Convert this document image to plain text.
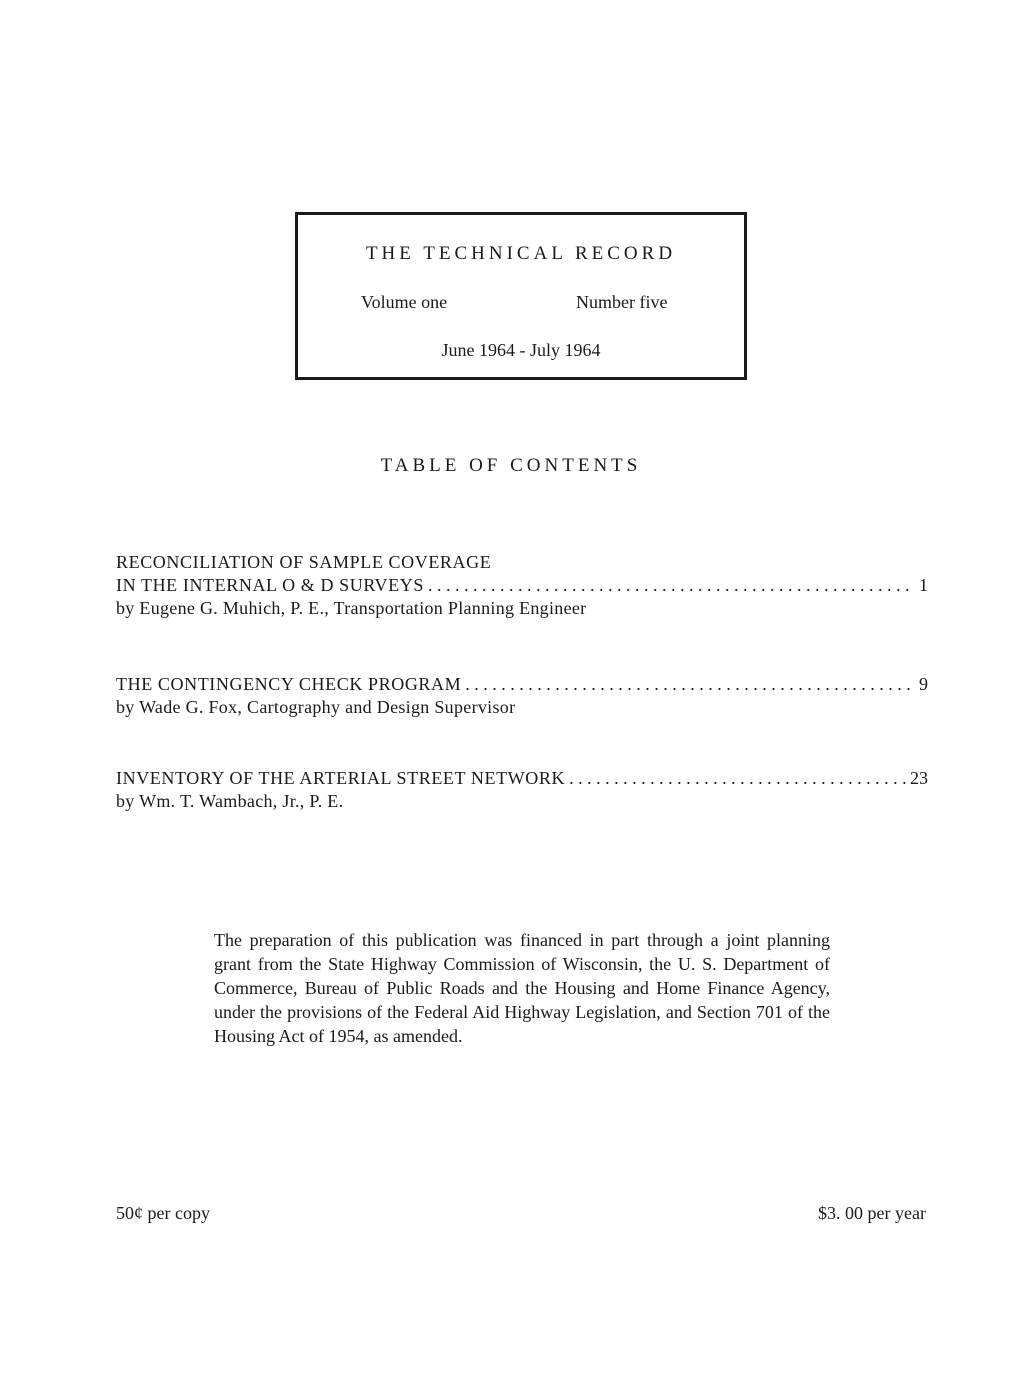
THE TECHNICAL RECORD
Volume one	Number five
June 1964 - July 1964
TABLE OF CONTENTS
RECONCILIATION OF SAMPLE COVERAGE
IN THE INTERNAL O & D SURVEYS . . .	1
by Eugene G. Muhich, P. E., Transportation Planning Engineer
THE CONTINGENCY CHECK PROGRAM . . .	9
by Wade G. Fox, Cartography and Design Supervisor
INVENTORY OF THE ARTERIAL STREET NETWORK . . .	23
by Wm. T. Wambach, Jr., P. E.
The preparation of this publication was financed in part through a joint planning grant from the State Highway Commission of Wisconsin, the U. S. Department of Commerce, Bureau of Public Roads and the Housing and Home Finance Agency, under the provisions of the Federal Aid Highway Legislation, and Section 701 of the Housing Act of 1954, as amended.
50¢ per copy	$3. 00 per year
